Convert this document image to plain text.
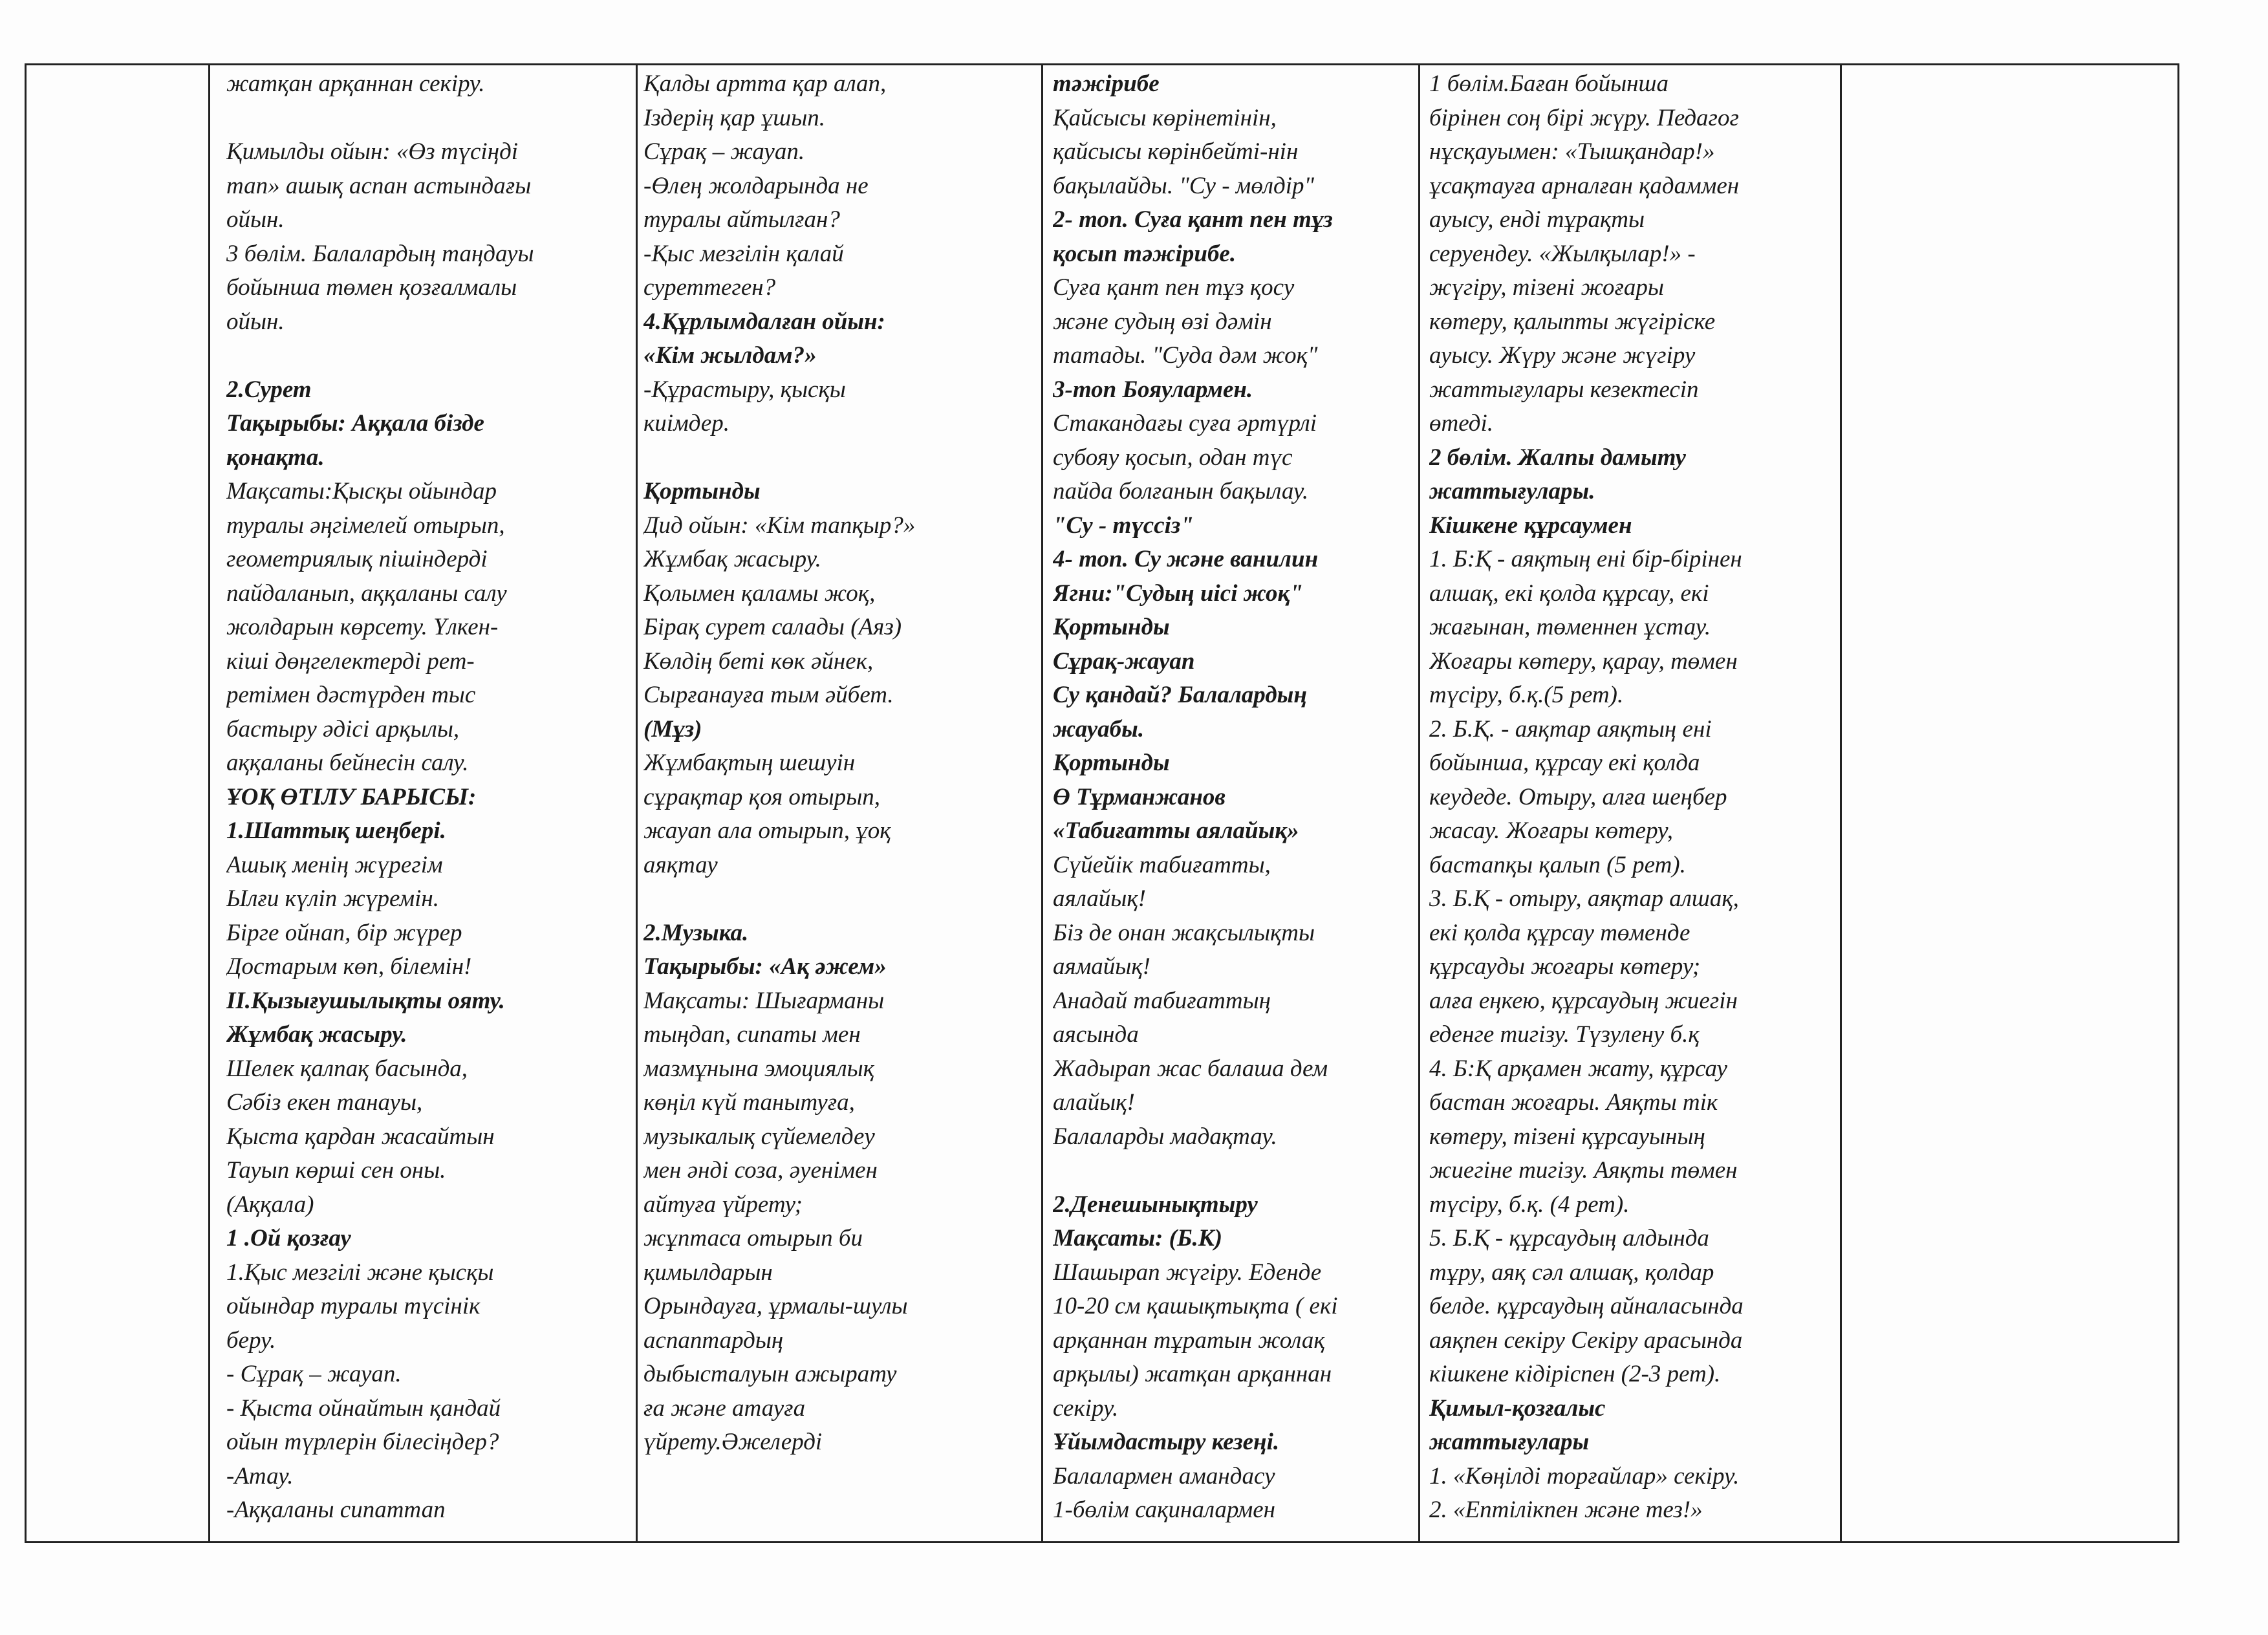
жатқан арқаннан секіру.

Қимылды ойын: «Өз түсіңді
тап» ашық аспан астындағы
ойын.
3 бөлім. Балалардың таңдауы
бойынша төмен қозғалмалы
ойын.

2.Сурет
Тақырыбы: Аққала бізде
қонақта.
Мақсаты:Қысқы ойындар
туралы әңгімелей отырып,
геометриялық пішіндерді
пайдаланып, аққаланы салу
жолдарын көрсету. Үлкен-
кіші дөңгелектерді рет-
ретімен дәстүрден тыс
бастыру әдісі арқылы,
аққаланы бейнесін салу.
ҰОҚ ӨТІЛУ БАРЫСЫ:
1.Шаттық шеңбері.
Ашық менің жүрегім
Ылғи күліп жүремін.
Бірге ойнап, бір жүрер
Достарым көп, білемін!
ІІ.Қызығушылықты ояту.
Жұмбақ жасыру.
Шелек қалпақ басында,
Сәбіз екен танауы,
Қыста қардан жасайтын
Тауып көрші сен оны.
(Аққала)
1 .Ой қозғау
1.Қыс мезгілі және қысқы
ойындар туралы түсінік
беру.
- Сұрақ – жауап.
- Қыста ойнайтын қандай
ойын түрлерін білесіңдер?
-Атау.
-Аққаланы сипаттап
Қалды артта қар алап,
Іздерің қар ұшып.
Сұрақ – жауап.
-Өлең жолдарында не
туралы айтылған?
-Қыс мезгілін қалай
суреттеген?
4.Құрлымдалған ойын:
«Кім жылдам?»
-Құрастыру, қысқы
киімдер.

Қортынды
Дид ойын: «Кім тапқыр?»
Жұмбақ жасыру.
Қолымен қаламы жоқ,
Бірақ сурет салады (Аяз)
Көлдің беті көк әйнек,
Сырғанауға тым әйбет.
(Мұз)
Жұмбақтың шешуін
сұрақтар қоя отырып,
жауап ала отырып, ұоқ
аяқтау

2.Музыка.
Тақырыбы: «Ақ әжем»
Мақсаты: Шығарманы
тыңдап, сипаты мен
мазмұнына эмоциялық
көңіл күй танытуға,
музыкалық сүйемелдеу
мен әнді соза, әуенімен
айтуға үйрету;
жұптаса отырып би
қимылдарын
Орындауға, ұрмалы-шулы
аспаптардың
дыбысталуын ажырату
ға және атауға
үйрету.Әжелерді
тәжірибе
Қайсысы көрінетінін,
қайсысы көрінбейті-нін
бақылайды. "Су - мөлдір"
2- топ. Суға қант пен тұз
қосып тәжірибе.
Суға қант пен тұз қосу
және судың өзі дәмін
татады. "Суда дәм жоқ"
3-топ Бояулармен.
Стакандағы суға әртүрлі
субояу қосып, одан түс
пайда болғанын бақылау.
"Су - түссіз"
4- топ. Су және ванилин
Ягни:"Судың иісі жоқ"
Қортынды
Сұрақ-жауап
Су қандай? Балалардың
жауабы.
Қортынды
Ө Тұрманжанов
«Табиғатты аялайық»
Сүйейік табиғатты,
аялайық!
Біз де онан жақсылықты
аямайық!
Анадай табиғаттың
аясында
Жадырап жас балаша дем
алайық!
Балаларды мадақтау.

2.Денешынықтыру
Мақсаты: (Б.К)
Шашырап жүгіру. Еденде
10-20 см қашықтықта ( екі
арқаннан тұратын жолақ
арқылы) жатқан арқаннан
секіру.
Ұйымдастыру кезеңі.
Балалармен амандасу
1-бөлім сақиналармен
1 бөлім.Баған бойынша
бірінен соң бірі жүру. Педагог
нұсқауымен: «Тышқандар!»
ұсақтауға арналған қадаммен
ауысу, енді тұрақты
серуендеу. «Жылқылар!» -
жүгіру, тізені жоғары
көтеру, қалыпты жүгіріске
ауысу. Жүру және жүгіру
жаттығулары кезектесіп
өтеді.
2 бөлім. Жалпы дамыту
жаттығулары.
Кішкене құрсаумен
1. Б:Қ - аяқтың ені бір-бірінен
алшақ, екі қолда құрсау, екі
жағынан, төменнен ұстау.
Жоғары көтеру, қарау, төмен
түсіру, б.қ.(5 рет).
2. Б.Қ. - аяқтар аяқтың ені
бойынша, құрсау екі қолда
кеудеде. Отыру, алға шеңбер
жасау. Жоғары көтеру,
бастапқы қалып (5 рет).
3. Б.Қ - отыру, аяқтар алшақ,
екі қолда құрсау төменде
құрсауды жоғары көтеру;
алға еңкею, құрсаудың жиегін
еденге тигізу. Түзулену б.қ
4. Б:Қ арқамен жату, құрсау
бастан жоғары. Аяқты тік
көтеру, тізені құрсауының
жиегіне тигізу. Аяқты төмен
түсіру, б.қ. (4 рет).
5. Б.Қ - құрсаудың алдында
тұру, аяқ сәл алшақ, қолдар
белде. құрсаудың айналасында
аяқпен секіру Секіру арасында
кішкене кідіріспен (2-3 рет).
Қимыл-қозғалыс
жаттығулары
1. «Көңілді торғайлар» секіру.
2. «Ептілікпен және тез!»
